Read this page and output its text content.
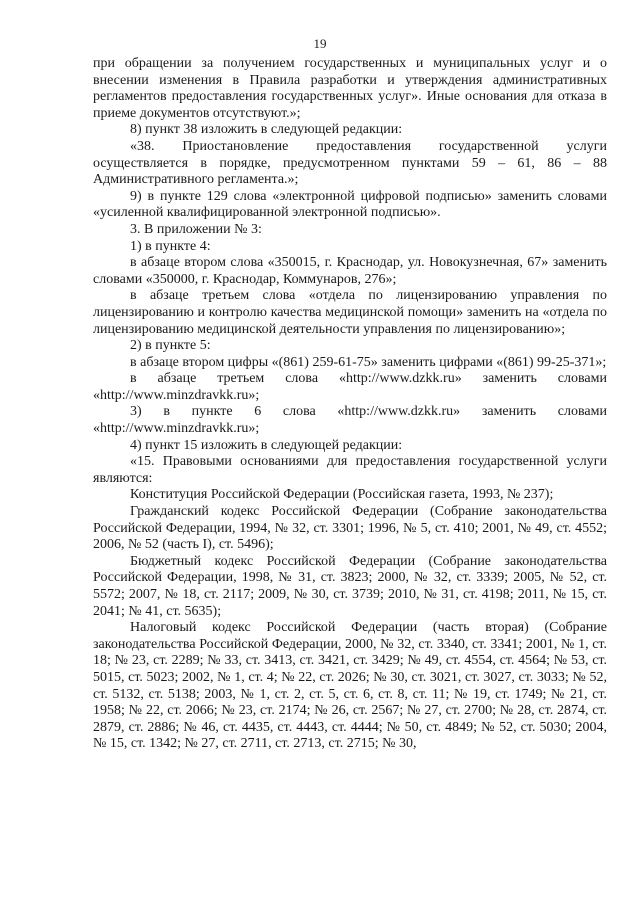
19

при обращении за получением государственных и муниципальных услуг и о внесении изменения в Правила разработки и утверждения административных регламентов предоставления государственных услуг». Иные основания для отказа в приеме документов отсутствуют.»;

8) пункт 38 изложить в следующей редакции:

«38. Приостановление предоставления государственной услуги осуществляется в порядке, предусмотренном пунктами 59 – 61, 86 – 88 Административного регламента.»;

9) в пункте 129 слова «электронной цифровой подписью» заменить словами «усиленной квалифицированной электронной подписью».

3. В приложении № 3:

1) в пункте 4:

в абзаце втором слова «350015, г. Краснодар, ул. Новокузнечная, 67» заменить словами «350000, г. Краснодар, Коммунаров, 276»;

в абзаце третьем слова «отдела по лицензированию управления по лицензированию и контролю качества медицинской помощи» заменить на «отдела по лицензированию медицинской деятельности управления по лицензированию»;

2) в пункте 5:

в абзаце втором цифры «(861) 259-61-75» заменить цифрами «(861) 99-25-371»;

в абзаце третьем слова «http://www.dzkk.ru» заменить словами «http://www.minzdravkk.ru»;

3) в пункте 6 слова «http://www.dzkk.ru» заменить словами «http://www.minzdravkk.ru»;

4) пункт 15 изложить в следующей редакции:

«15. Правовыми основаниями для предоставления государственной услуги являются:

Конституция Российской Федерации (Российская газета, 1993, № 237);

Гражданский кодекс Российской Федерации (Собрание законодательства Российской Федерации, 1994, № 32, ст. 3301; 1996, № 5, ст. 410; 2001, № 49, ст. 4552; 2006, № 52 (часть I), ст. 5496);

Бюджетный кодекс Российской Федерации (Собрание законодательства Российской Федерации, 1998, № 31, ст. 3823; 2000, № 32, ст. 3339; 2005, № 52, ст. 5572; 2007, № 18, ст. 2117; 2009, № 30, ст. 3739; 2010, № 31, ст. 4198; 2011, № 15, ст. 2041; № 41, ст. 5635);

Налоговый кодекс Российской Федерации (часть вторая) (Собрание законодательства Российской Федерации, 2000, № 32, ст. 3340, ст. 3341; 2001, № 1, ст. 18; № 23, ст. 2289; № 33, ст. 3413, ст. 3421, ст. 3429; № 49, ст. 4554, ст. 4564; № 53, ст. 5015, ст. 5023; 2002, № 1, ст. 4; № 22, ст. 2026; № 30, ст. 3021, ст. 3027, ст. 3033; № 52, ст. 5132, ст. 5138; 2003, № 1, ст. 2, ст. 5, ст. 6, ст. 8, ст. 11; № 19, ст. 1749; № 21, ст. 1958; № 22, ст. 2066; № 23, ст. 2174; № 26, ст. 2567; № 27, ст. 2700; № 28, ст. 2874, ст. 2879, ст. 2886; № 46, ст. 4435, ст. 4443, ст. 4444; № 50, ст. 4849; № 52, ст. 5030; 2004, № 15, ст. 1342; № 27, ст. 2711, ст. 2713, ст. 2715; № 30,
